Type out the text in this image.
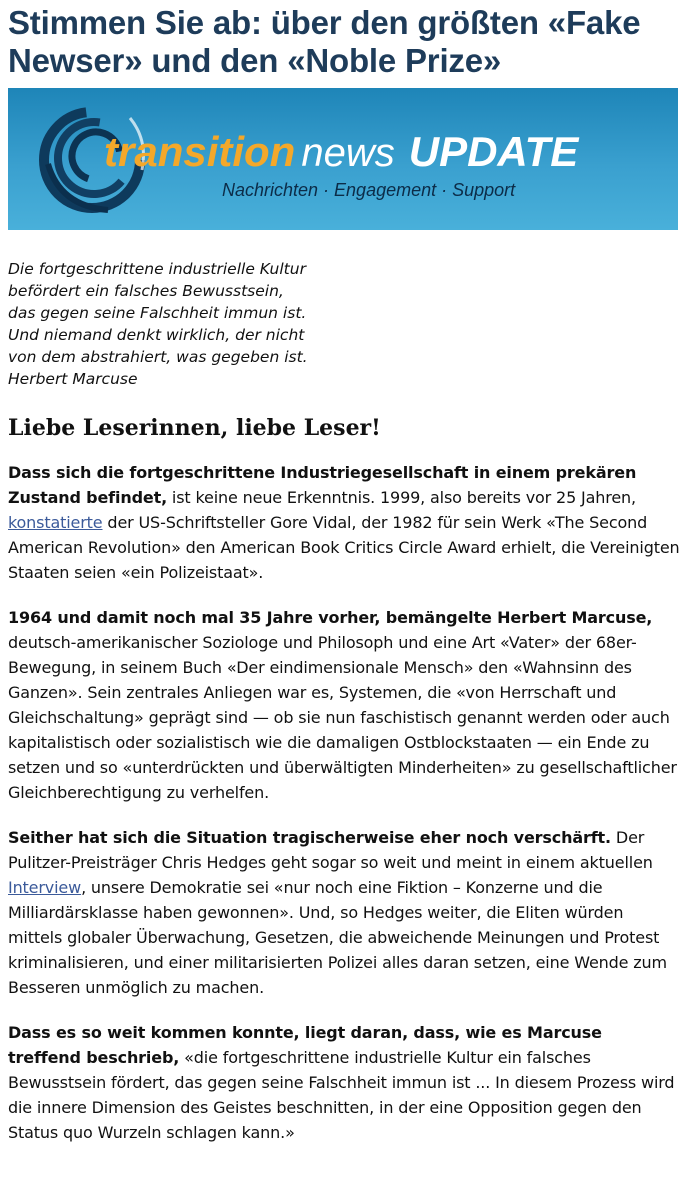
Stimmen Sie ab: über den größten «Fake Newser» und den «Noble Prize»
transition news UPDATE
Nachrichten · Engagement · Support
Die fortgeschrittene industrielle Kultur
befördert ein falsches Bewusstsein,
das gegen seine Falschheit immun ist.
Und niemand denkt wirklich, der nicht
von dem abstrahiert, was gegeben ist.
Herbert Marcuse
Liebe Leserinnen, liebe Leser!

Dass sich die fortgeschrittene Industriegesellschaft in einem prekären Zustand befindet, ist keine neue Erkenntnis. 1999, also bereits vor 25 Jahren, konstatierte der US-Schriftsteller Gore Vidal, der 1982 für sein Werk «The Second American Revolution» den American Book Critics Circle Award erhielt, die Vereinigten Staaten seien «ein Polizeistaat».

1964 und damit noch mal 35 Jahre vorher, bemängelte Herbert Marcuse, deutsch-amerikanischer Soziologe und Philosoph und eine Art «Vater» der 68er-Bewegung, in seinem Buch «Der eindimensionale Mensch» den «Wahnsinn des Ganzen». Sein zentrales Anliegen war es, Systemen, die «von Herrschaft und Gleichschaltung» geprägt sind — ob sie nun faschistisch genannt werden oder auch kapitalistisch oder sozialistisch wie die damaligen Ostblockstaaten — ein Ende zu setzen und so «unterdrückten und überwältigten Minderheiten» zu gesellschaftlicher Gleichberechtigung zu verhelfen.

Seither hat sich die Situation tragischerweise eher noch verschärft. Der Pulitzer-Preisträger Chris Hedges geht sogar so weit und meint in einem aktuellen Interview, unsere Demokratie sei «nur noch eine Fiktion – Konzerne und die Milliardärsklasse haben gewonnen». Und, so Hedges weiter, die Eliten würden mittels globaler Überwachung, Gesetzen, die abweichende Meinungen und Protest kriminalisieren, und einer militarisierten Polizei alles daran setzen, eine Wende zum Besseren unmöglich zu machen.

Dass es so weit kommen konnte, liegt daran, dass, wie es Marcuse treffend beschrieb, «die fortgeschrittene industrielle Kultur ein falsches Bewusstsein fördert, das gegen seine Falschheit immun ist ... In diesem Prozess wird die innere Dimension des Geistes beschnitten, in der eine Opposition gegen den Status quo Wurzeln schlagen kann.»
